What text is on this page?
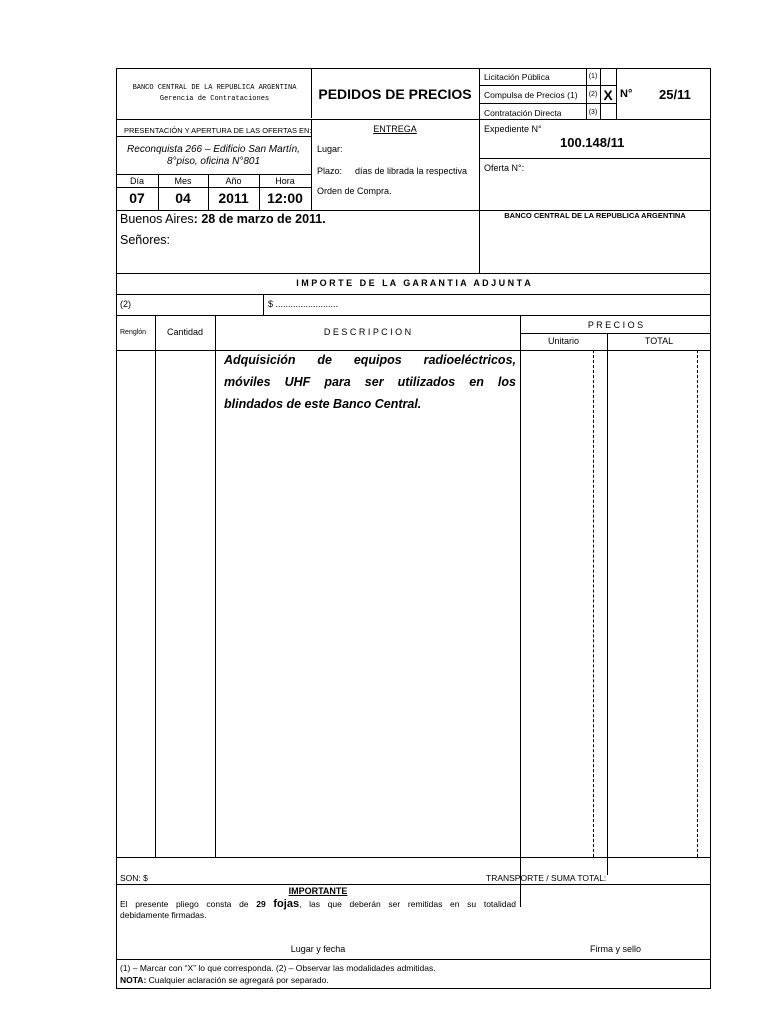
BANCO CENTRAL DE LA REPUBLICA ARGENTINA
Gerencia de Contrataciones	PEDIDOS DE PRECIOS
Licitación Pública
Compulsa de Precios (1)
Contratación Directa
(1)
(2)
(3)
X N° 25/11
PRESENTACIÓN Y APERTURA DE LAS OFERTAS EN:
Reconquista 266 – Edificio San Martín,
8°piso, oficina N°801
Día	Mes	Año	Hora
07	04	2011	12:00
ENTREGA
Lugar:
Plazo: días de librada la respectiva
Orden de Compra.
Expediente N°
100.148/11
Oferta N°:
BANCO CENTRAL DE LA REPUBLICA ARGENTINA
Buenos Aires: 28 de marzo de 2011.
Señores:
I M P O R T E   D E   L A   G A R A N T I A   A D J U N T A
(2)	$ .........................
Renglón	Cantidad	D E S C R I P C I O N
P R E C I O S
Unitario	TOTAL
Adquisición de equipos radioeléctricos,
móviles UHF para ser utilizados en los
blindados de este Banco Central.
SON: $	TRANSPORTE / SUMA TOTAL:
IMPORTANTE
El presente pliego consta de 29 fojas, las que deberán ser remitidas en su totalidad
debidamente firmadas.
Lugar y fecha	Firma y sello
(1) – Marcar con “X” lo que corresponda. (2) – Observar las modalidades admitidas.
NOTA: Cualquier aclaración se agregará por separado.
